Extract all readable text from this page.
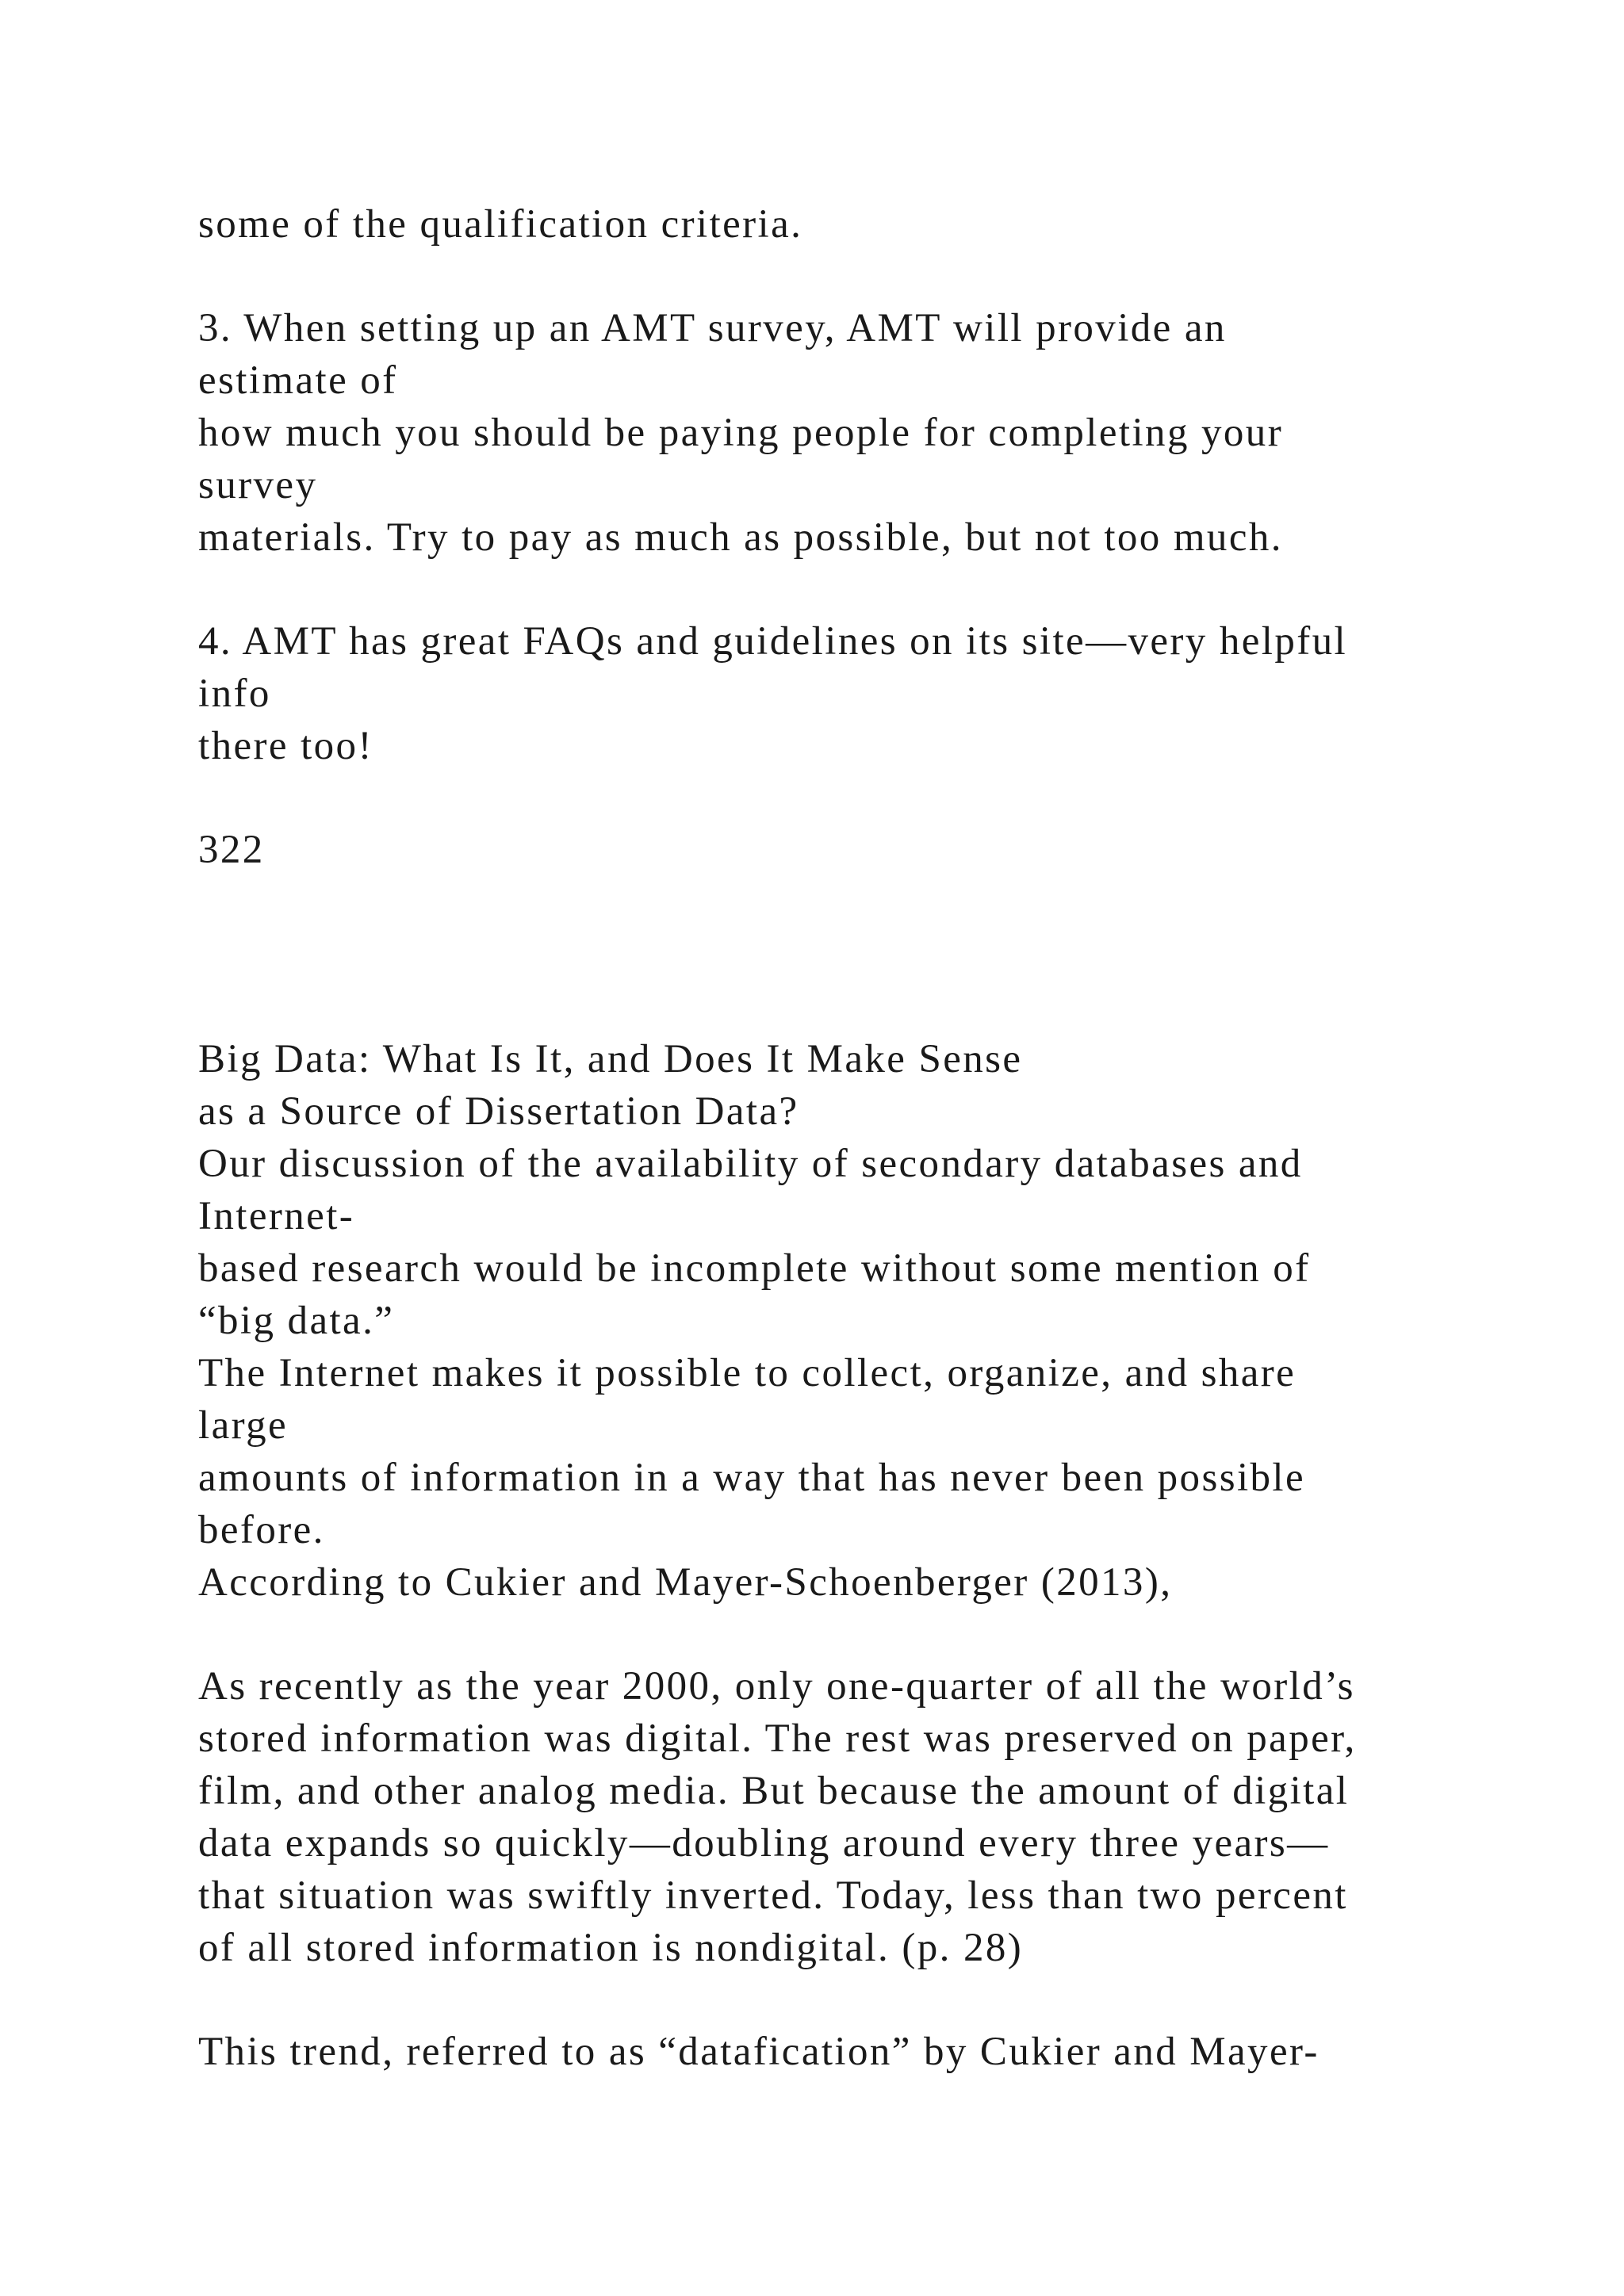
some of the qualification criteria.

3. When setting up an AMT survey, AMT will provide an

estimate of

how much you should be paying people for completing your

survey

materials. Try to pay as much as possible, but not too much.

4. AMT has great FAQs and guidelines on its site—very helpful

info

there too!

322

Big Data: What Is It, and Does It Make Sense

as a Source of Dissertation Data?

Our discussion of the availability of secondary databases and

Internet-

based research would be incomplete without some mention of

“big data.”

The Internet makes it possible to collect, organize, and share

large

amounts of information in a way that has never been possible

before.

According to Cukier and Mayer-Schoenberger (2013),

As recently as the year 2000, only one-quarter of all the world’s

stored information was digital. The rest was preserved on paper,

film, and other analog media. But because the amount of digital

data expands so quickly—doubling around every three years—

that situation was swiftly inverted. Today, less than two percent

of all stored information is nondigital. (p. 28)

This trend, referred to as “datafication” by Cukier and Mayer-
